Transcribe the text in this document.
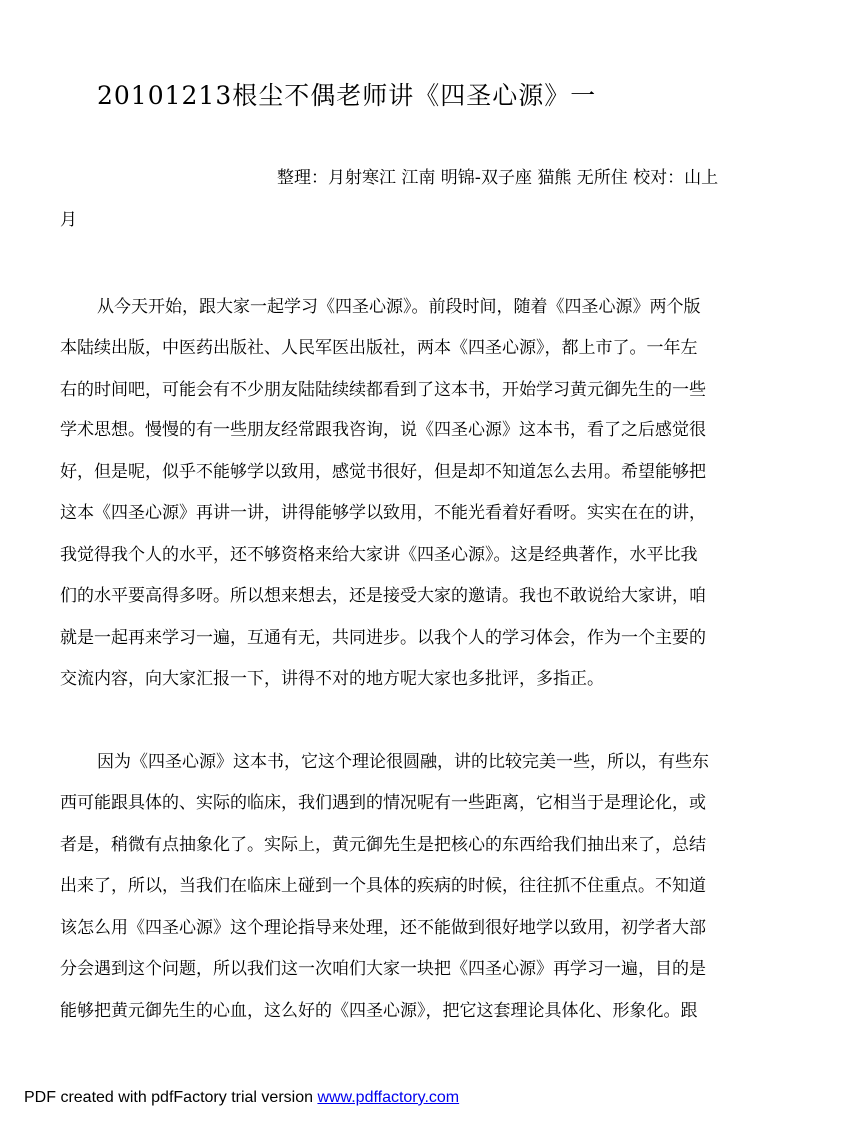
20101213根尘不偶老师讲《四圣心源》一
整理：月射寒江 江南 明锦-双子座 猫熊 无所住 校对：山上
月
从今天开始，跟大家一起学习《四圣心源》。前段时间，随着《四圣心源》两个版
本陆续出版，中医药出版社、人民军医出版社，两本《四圣心源》，都上市了。一年左
右的时间吧，可能会有不少朋友陆陆续续都看到了这本书，开始学习黄元御先生的一些
学术思想。慢慢的有一些朋友经常跟我咨询，说《四圣心源》这本书，看了之后感觉很
好，但是呢，似乎不能够学以致用，感觉书很好，但是却不知道怎么去用。希望能够把
这本《四圣心源》再讲一讲，讲得能够学以致用，不能光看着好看呀。实实在在的讲，
我觉得我个人的水平，还不够资格来给大家讲《四圣心源》。这是经典著作，水平比我
们的水平要高得多呀。所以想来想去，还是接受大家的邀请。我也不敢说给大家讲，咱
就是一起再来学习一遍，互通有无，共同进步。以我个人的学习体会，作为一个主要的
交流内容，向大家汇报一下，讲得不对的地方呢大家也多批评，多指正。
因为《四圣心源》这本书，它这个理论很圆融，讲的比较完美一些，所以，有些东
西可能跟具体的、实际的临床，我们遇到的情况呢有一些距离，它相当于是理论化，或
者是，稍微有点抽象化了。实际上，黄元御先生是把核心的东西给我们抽出来了，总结
出来了，所以，当我们在临床上碰到一个具体的疾病的时候，往往抓不住重点。不知道
该怎么用《四圣心源》这个理论指导来处理，还不能做到很好地学以致用，初学者大部
分会遇到这个问题，所以我们这一次咱们大家一块把《四圣心源》再学习一遍，目的是
能够把黄元御先生的心血，这么好的《四圣心源》，把它这套理论具体化、形象化。跟
PDF created with pdfFactory trial version www.pdffactory.com
